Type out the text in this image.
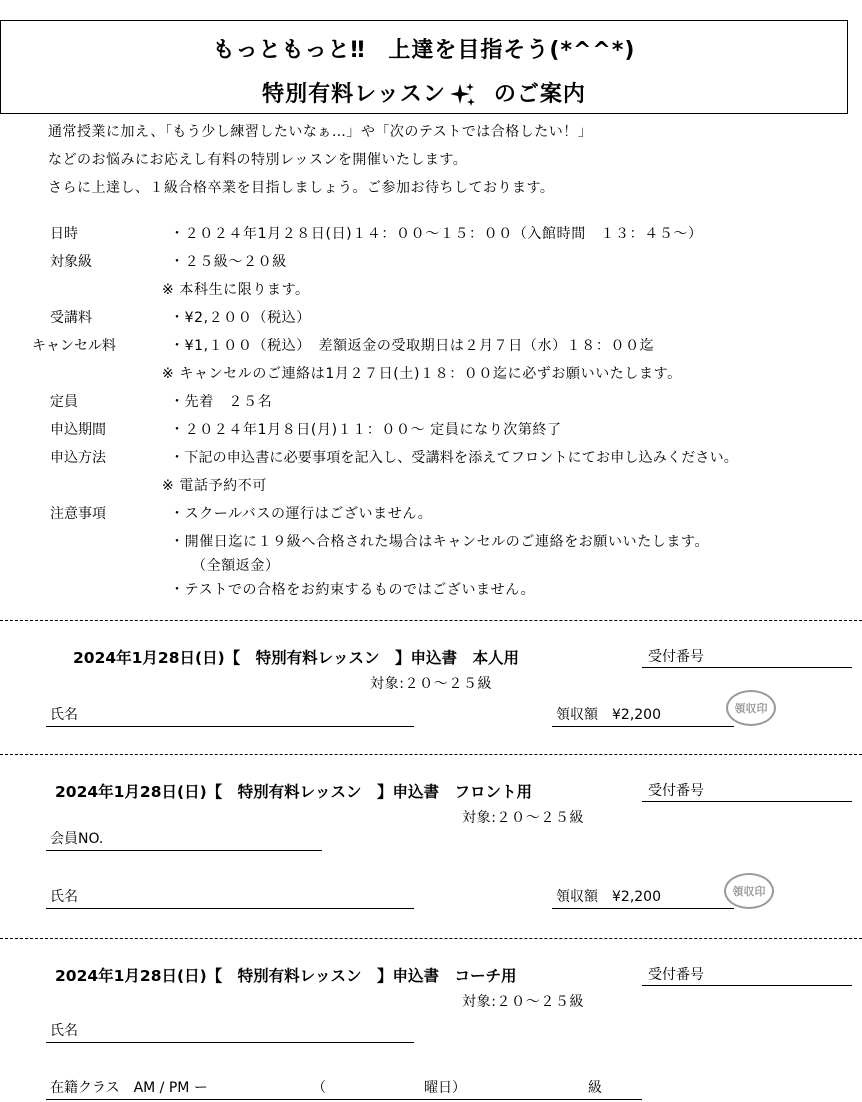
もっともっと‼　上達を目指そう(*^^*)
特別有料レッスン のご案内
通常授業に加え、「もう少し練習したいなぁ…」や「次のテストでは合格したい！」
などのお悩みにお応えし有料の特別レッスンを開催いたします。
さらに上達し、１級合格卒業を目指しましょう。ご参加お待ちしております。
日時	・２０２４年1月２８日(日)１４：００～１５：００（入館時間　１３：４５～）
対象級	・２５級～２０級
※ 本科生に限ります。
受講料	・¥2,２００（税込）
キャンセル料	・¥1,１００（税込）　差額返金の受取期日は２月７日（水）１８：００迄
※ キャンセルのご連絡は1月２７日(土)１８：００迄に必ずお願いいたします。
定員	・先着　２５名
申込期間	・２０２４年1月８日(月)１１：００～ 定員になり次第終了
申込方法	・下記の申込書に必要事項を記入し、受講料を添えてフロントにてお申し込みください。
※ 電話予約不可
注意事項	・スクールバスの運行はございません。
・開催日迄に１９級へ合格された場合はキャンセルのご連絡をお願いいたします。
（全額返金）
・テストでの合格をお約束するものではございません。
2024年1月28日(日)【　特別有料レッスン　】申込書　本人用	受付番号
対象:２０～２５級
氏名	領収額　¥2,200	領収印
2024年1月28日(日)【　特別有料レッスン　】申込書　フロント用	受付番号
対象:２０～２５級
会員NO.
氏名	領収額　¥2,200	領収印
2024年1月28日(日)【　特別有料レッスン　】申込書　コーチ用	受付番号
対象:２０～２５級
氏名
在籍クラス　AM / PM ー	（	曜日）	級
